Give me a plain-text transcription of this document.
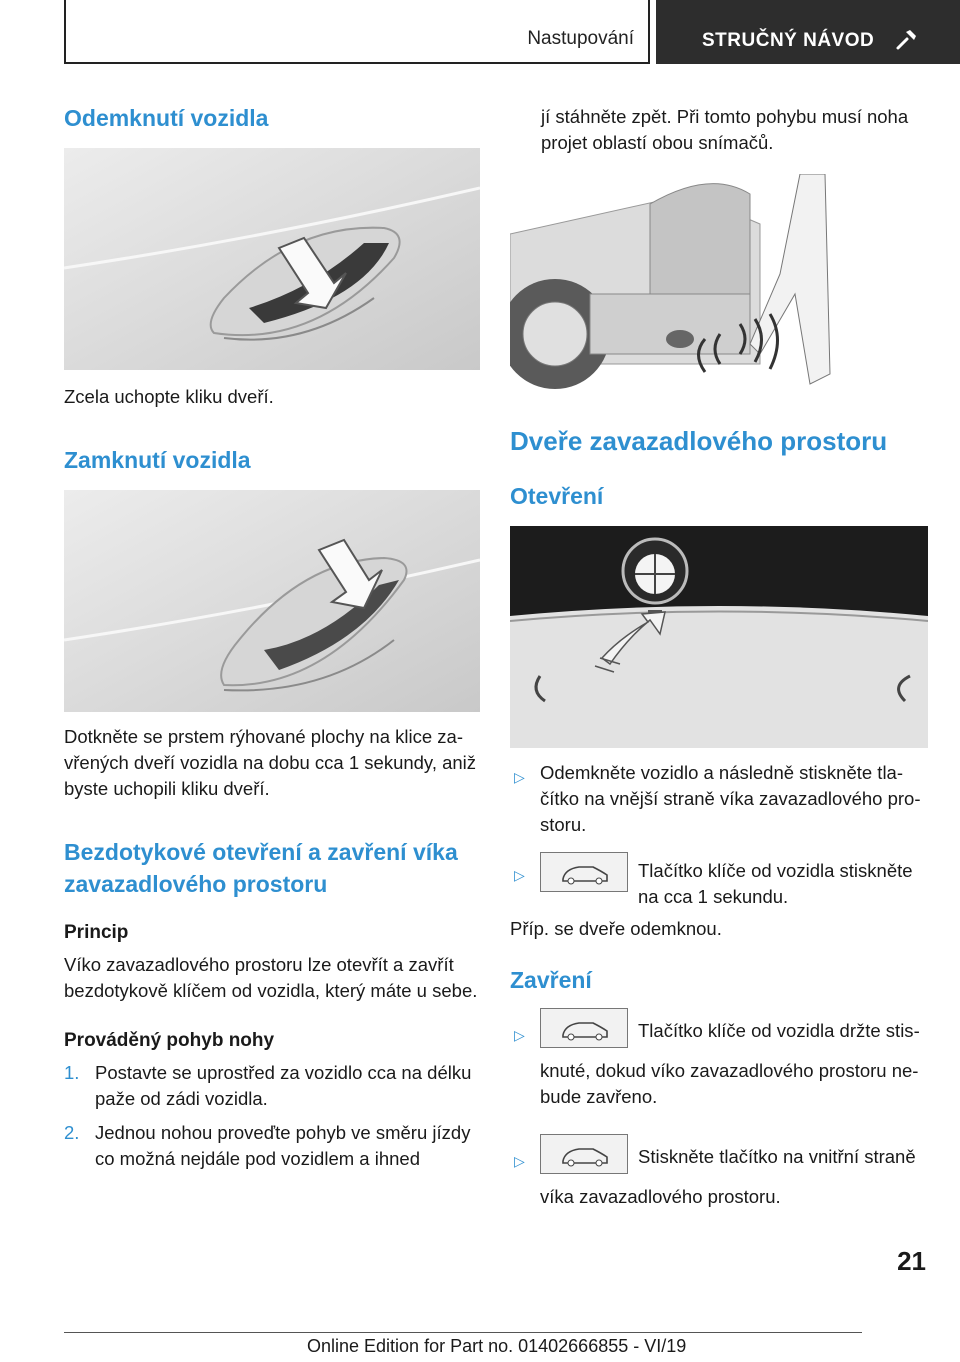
Nastupování	STRUČNÝ NÁVOD
Odemknutí vozidla

Zcela uchopte kliku dveří.

Zamknutí vozidla

Dotkněte se prstem rýhované plochy na klice zavřených dveří vozidla na dobu cca 1 sekundy, aniž byste uchopili kliku dveří.

Bezdotykové otevření a zavření víka zavazadlového prostoru
Princip

Víko zavazadlového prostoru lze otevřít a zavřít bezdotykově klíčem od vozidla, který máte u sebe.

Prováděný pohyb nohy
1. Postavte se uprostřed za vozidlo cca na délku paže od zádi vozidla.
2. Jednou nohou proveďte pohyb ve směru jízdy co možná nejdále pod vozidlem a ihned

jí stáhněte zpět. Při tomto pohybu musí noha projet oblastí obou snímačů.

Dveře zavazadlového prostoru
Otevření
▷ Odemkněte vozidlo a následně stiskněte tlačítko na vnější straně víka zavazadlového prostoru.
▷	Tlačítko klíče od vozidla stiskněte na cca 1 sekundu.

Příp. se dveře odemknou.

Zavření
▷	Tlačítko klíče od vozidla držte stisknuté, dokud víko zavazadlového prostoru nebude zavřeno.
▷	Stiskněte tlačítko na vnitřní straně víka zavazadlového prostoru.
21
Online Edition for Part no. 01402666855 - VI/19
